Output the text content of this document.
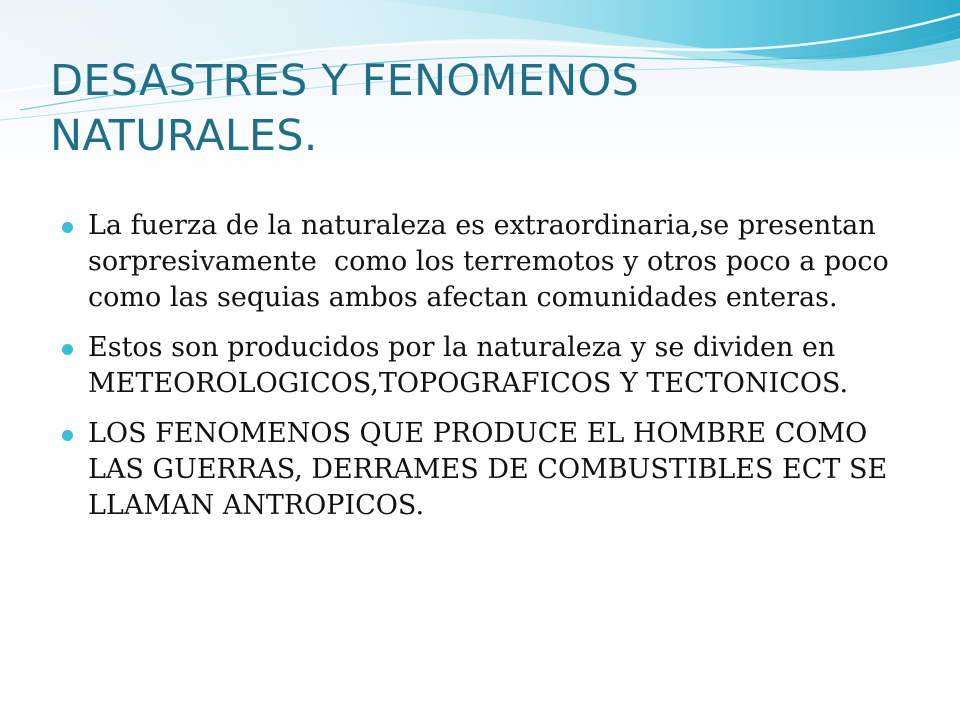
DESASTRES Y FENOMENOS NATURALES.
La fuerza de la naturaleza es extraordinaria,se presentan sorpresivamente  como los terremotos y otros poco a poco como las sequias ambos afectan comunidades enteras.
Estos son producidos por la naturaleza y se dividen en METEOROLOGICOS,TOPOGRAFICOS Y TECTONICOS.
LOS FENOMENOS QUE PRODUCE EL HOMBRE COMO LAS GUERRAS, DERRAMES DE COMBUSTIBLES ECT SE LLAMAN ANTROPICOS.
